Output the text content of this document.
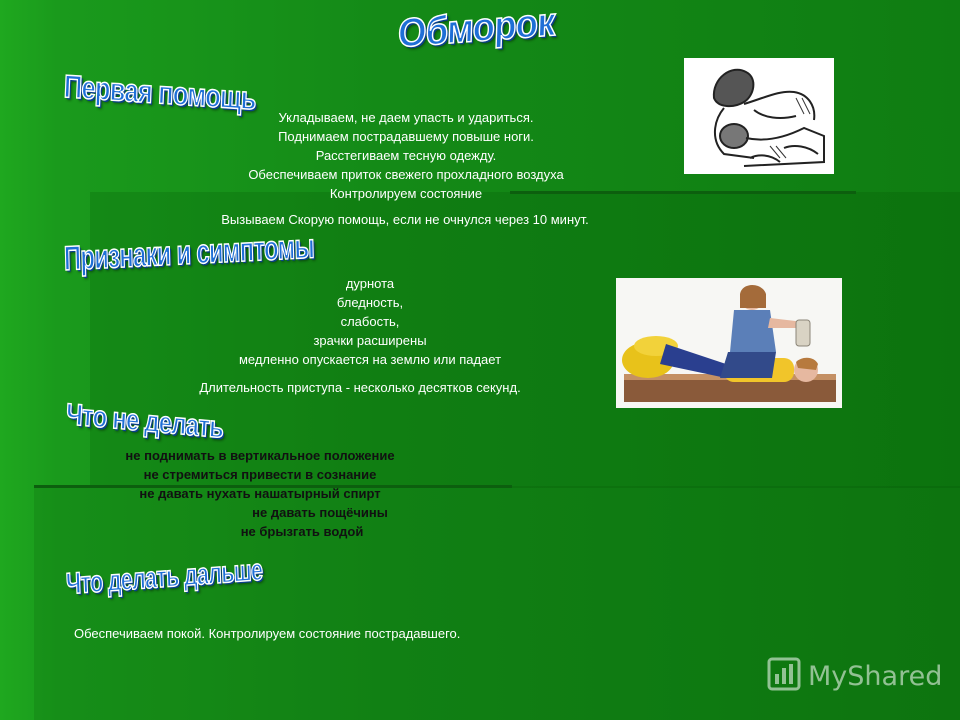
Обморок
Первая помощь
Укладываем, не даем упасть и удариться.
Поднимаем пострадавшему повыше ноги.
Расстегиваем тесную одежду.
Обеспечиваем приток свежего прохладного воздуха
Контролируем состояние
Вызываем Скорую помощь, если не очнулся через 10 минут.
Признаки и симптомы
дурнота
бледность,
слабость,
зрачки расширены
медленно опускается на землю или падает
Длительность приступа - несколько десятков секунд.
Что не делать
не поднимать в вертикальное положение
не стремиться привести в сознание
не давать нухать нашатырный спирт
не давать пощёчины
не брызгать водой
Что делать дальше
Обеспечиваем покой. Контролируем состояние пострадавшего.
MyShared
